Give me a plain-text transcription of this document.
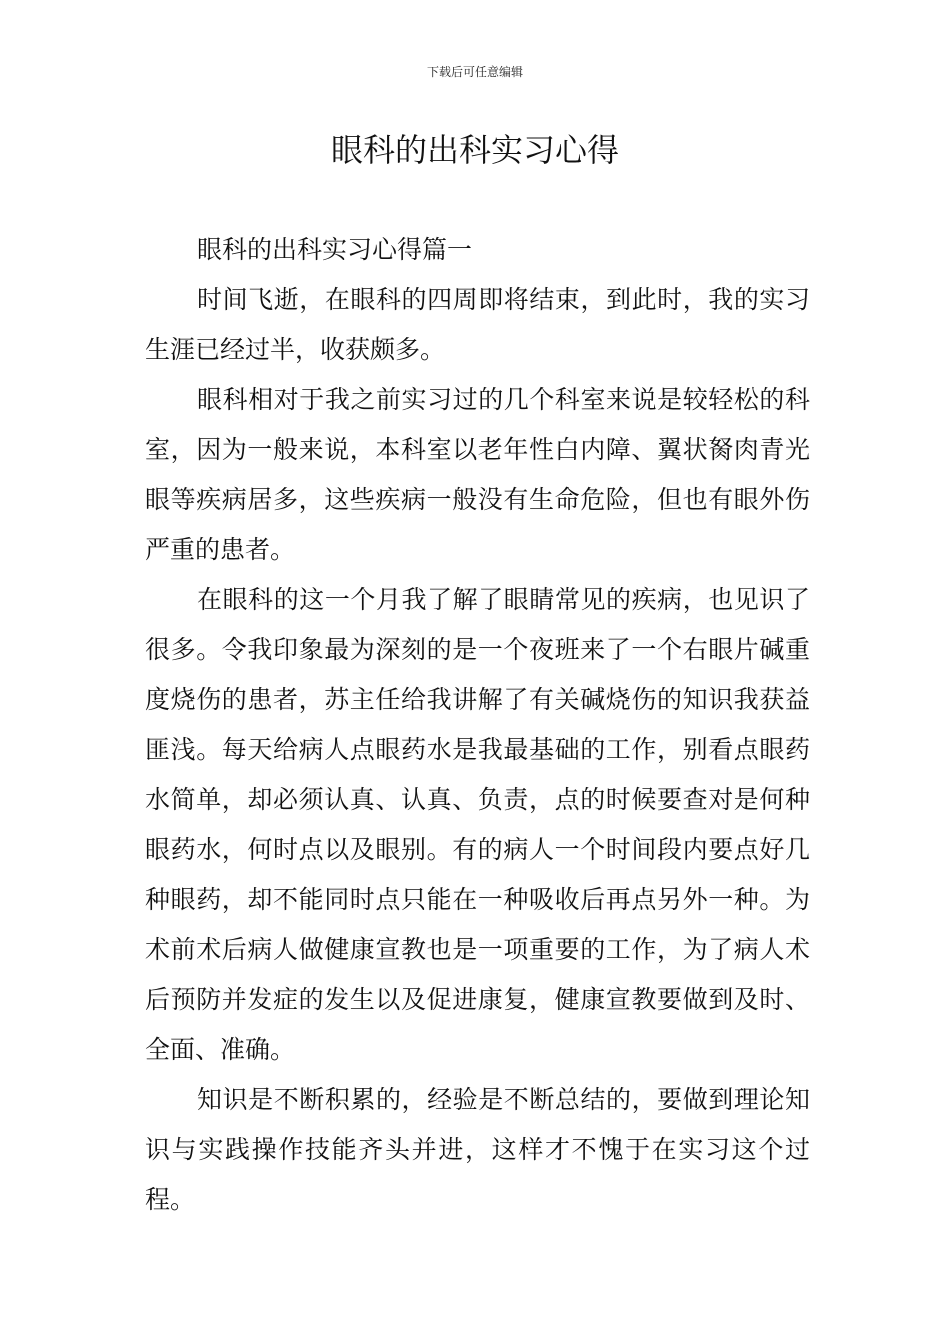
下载后可任意编辑
眼科的出科实习心得

眼科的出科实习心得篇一

时间飞逝，在眼科的四周即将结束，到此时，我的实习生涯已经过半，收获颇多。

眼科相对于我之前实习过的几个科室来说是较轻松的科室，因为一般来说，本科室以老年性白内障、翼状胬肉青光眼等疾病居多，这些疾病一般没有生命危险，但也有眼外伤严重的患者。

在眼科的这一个月我了解了眼睛常见的疾病，也见识了很多。令我印象最为深刻的是一个夜班来了一个右眼片碱重度烧伤的患者，苏主任给我讲解了有关碱烧伤的知识我获益匪浅。每天给病人点眼药水是我最基础的工作，别看点眼药水简单，却必须认真、认真、负责，点的时候要查对是何种眼药水，何时点以及眼别。有的病人一个时间段内要点好几种眼药，却不能同时点只能在一种吸收后再点另外一种。为术前术后病人做健康宣教也是一项重要的工作，为了病人术后预防并发症的发生以及促进康复，健康宣教要做到及时、全面、准确。

知识是不断积累的，经验是不断总结的，要做到理论知识与实践操作技能齐头并进，这样才不愧于在实习这个过程。
